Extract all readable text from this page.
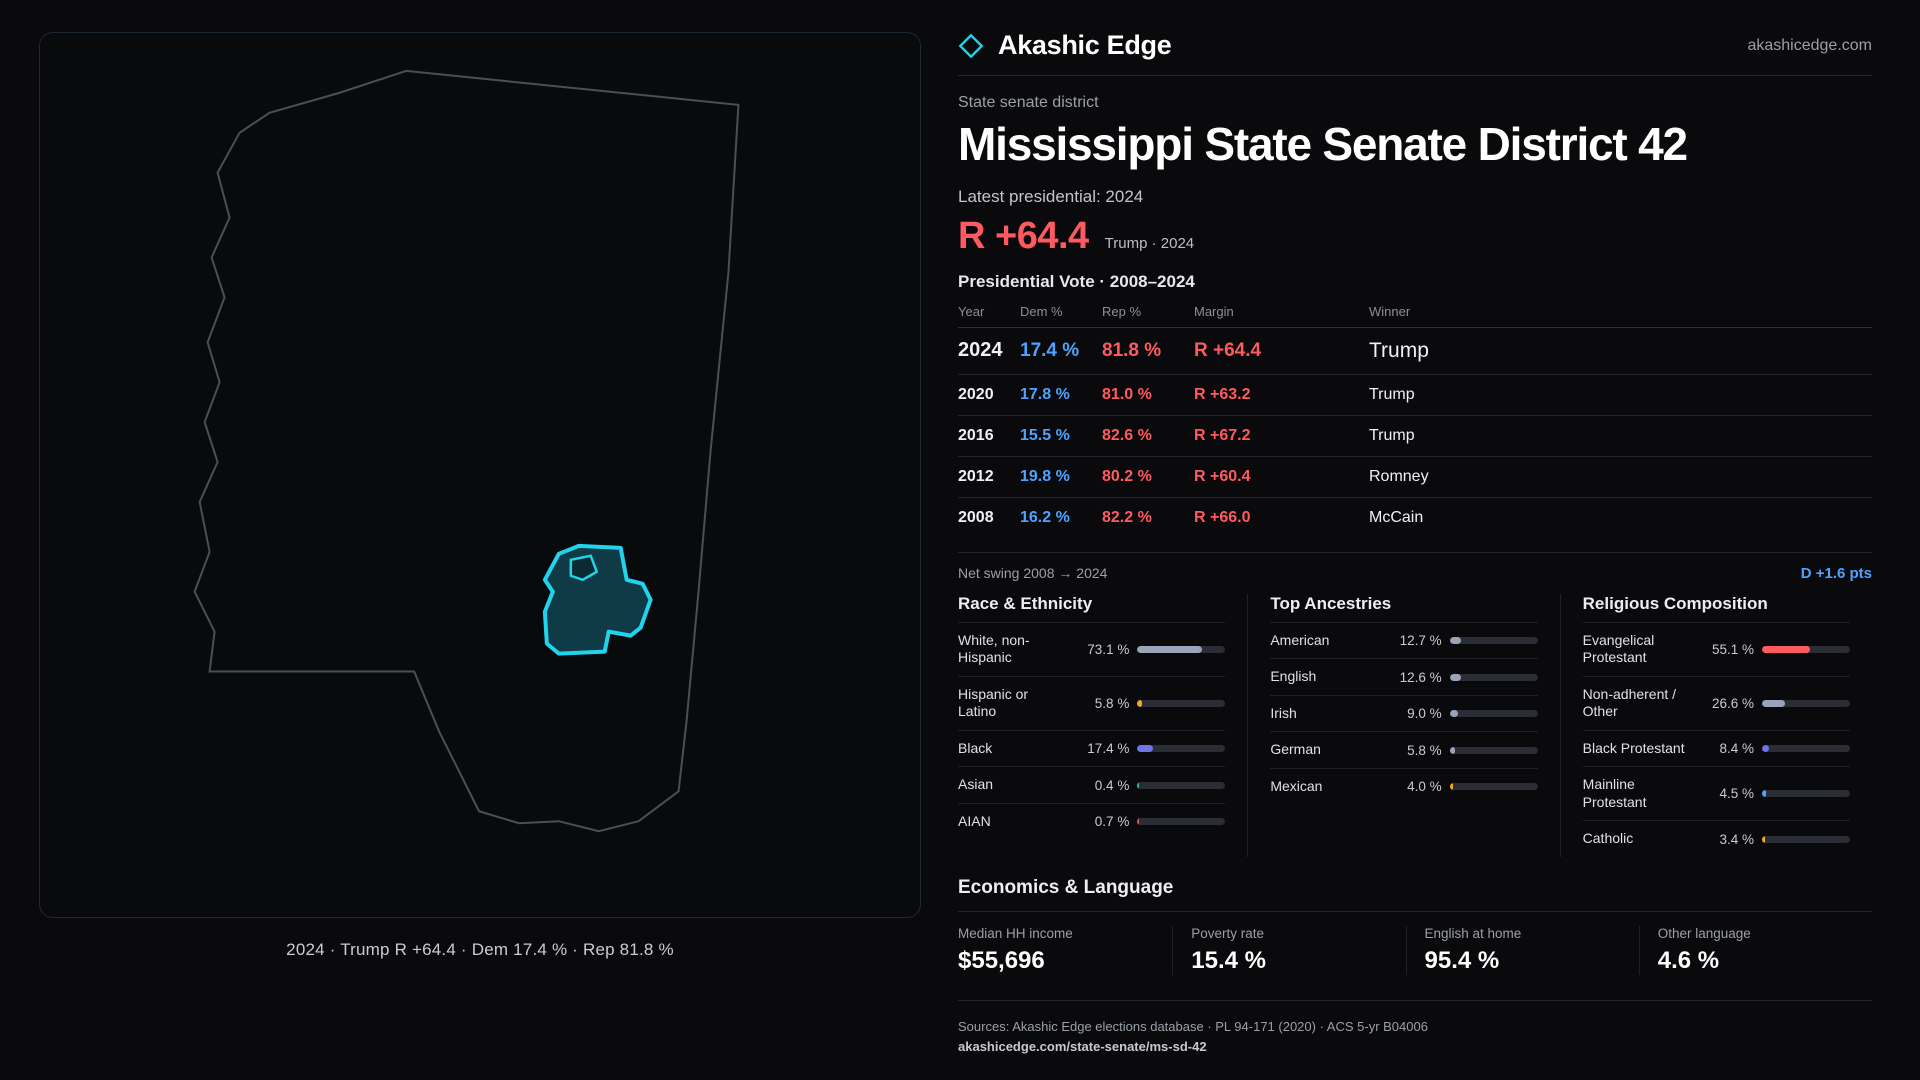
2024 · Trump R +64.4 · Dem 17.4 % · Rep 81.8 %
Akashic Edge	akashicedge.com
State senate district
Mississippi State Senate District 42
Latest presidential: 2024
R +64.4 Trump · 2024
Presidential Vote · 2008–2024
Year	Dem %	Rep %	Margin	Winner
2024	17.4 %	81.8 %	R +64.4	Trump
2020	17.8 %	81.0 %	R +63.2	Trump
2016	15.5 %	82.6 %	R +67.2	Trump
2012	19.8 %	80.2 %	R +60.4	Romney
2008	16.2 %	82.2 %	R +66.0	McCain
Net swing 2008 → 2024	D +1.6 pts
Race & Ethnicity
White, non-Hispanic	73.1 %
Hispanic or Latino	5.8 %
Black	17.4 %
Asian	0.4 %
AIAN	0.7 %
Top Ancestries
American	12.7 %
English	12.6 %
Irish	9.0 %
German	5.8 %
Mexican	4.0 %
Religious Composition
Evangelical Protestant	55.1 %
Non-adherent / Other	26.6 %
Black Protestant	8.4 %
Mainline Protestant	4.5 %
Catholic	3.4 %
Economics & Language
Median HH income
$55,696
Poverty rate
15.4 %
English at home
95.4 %
Other language
4.6 %
Sources: Akashic Edge elections database · PL 94-171 (2020) · ACS 5-yr B04006
akashicedge.com/state-senate/ms-sd-42
